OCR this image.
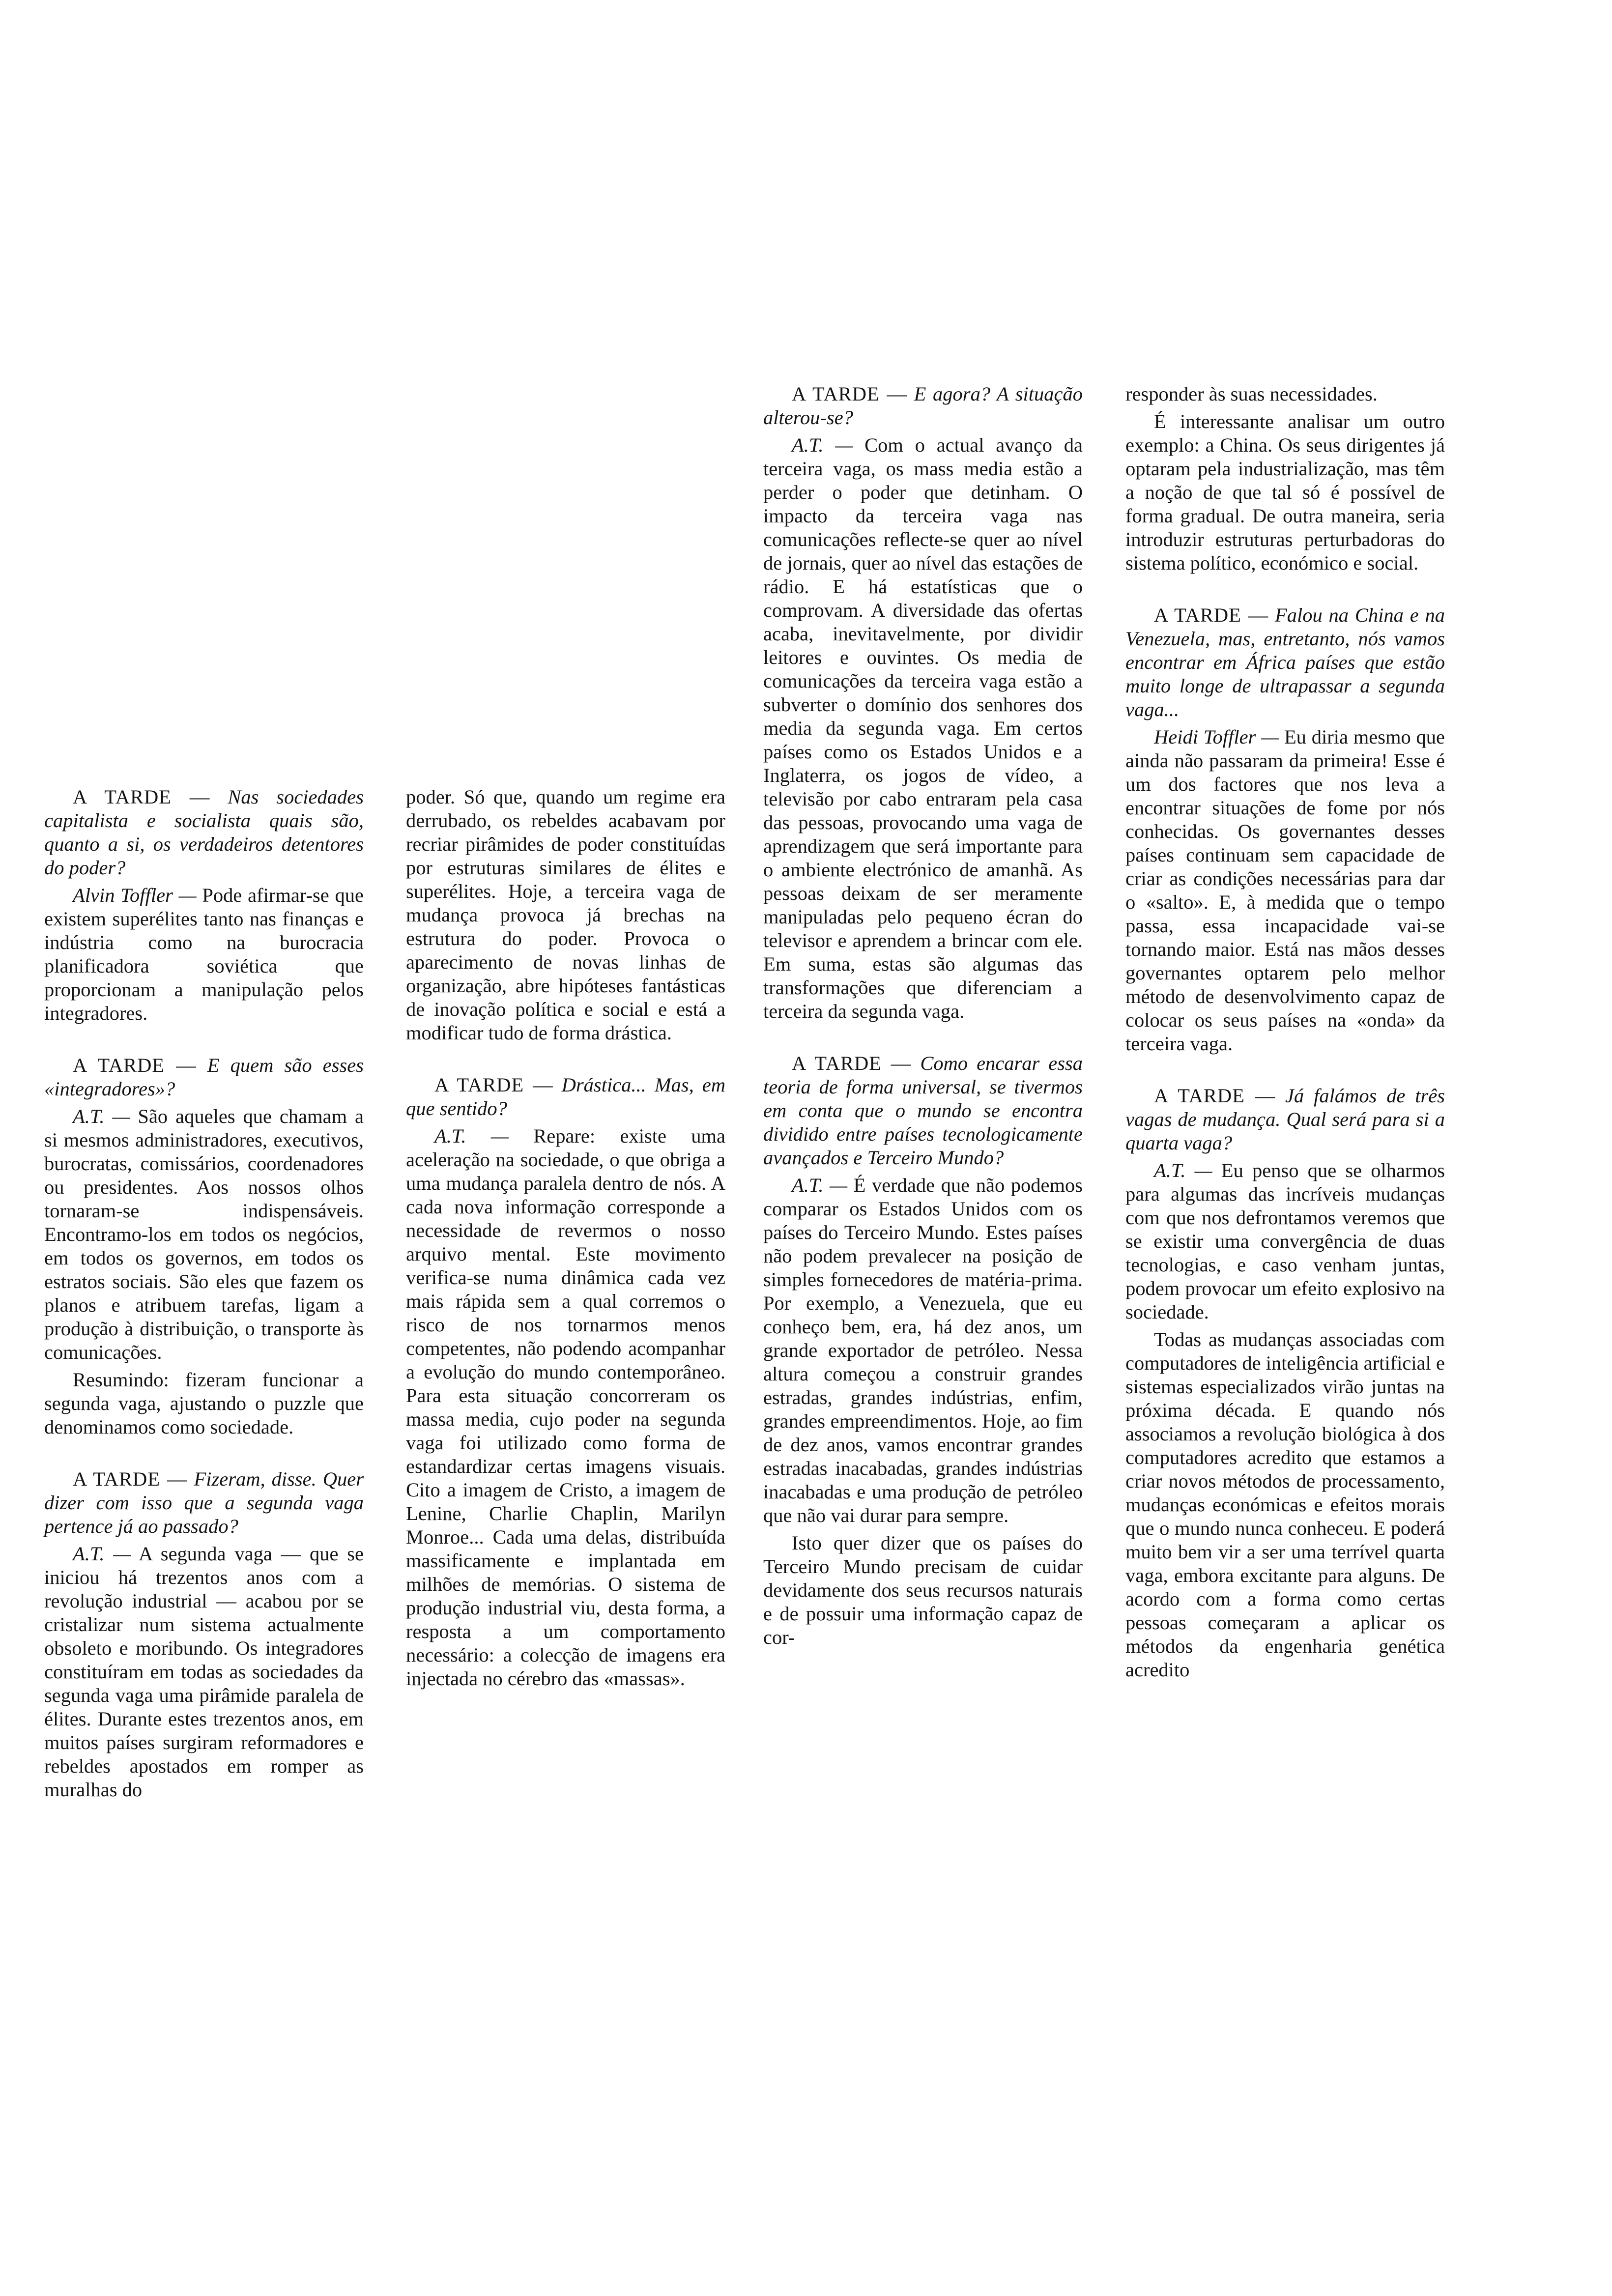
A TARDE — Nas sociedades capitalista e socialista quais são, quanto a si, os verdadeiros detentores do poder?

Alvin Toffler — Pode afirmar-se que existem superélites tanto nas finanças e indústria como na burocracia planificadora soviética que proporcionam a manipulação pelos integradores.

A TARDE — E quem são esses «integradores»?

A.T. — São aqueles que chamam a si mesmos administradores, executivos, burocratas, comissários, coordenadores ou presidentes. Aos nossos olhos tornaram-se indispensáveis. Encontramo-los em todos os negócios, em todos os governos, em todos os estratos sociais. São eles que fazem os planos e atribuem tarefas, ligam a produção à distribuição, o transporte às comunicações.

Resumindo: fizeram funcionar a segunda vaga, ajustando o puzzle que denominamos como sociedade.

A TARDE — Fizeram, disse. Quer dizer com isso que a segunda vaga pertence já ao passado?

A.T. — A segunda vaga — que se iniciou há trezentos anos com a revolução industrial — acabou por se cristalizar num sistema actualmente obsoleto e moribundo. Os integradores constituíram em todas as sociedades da segunda vaga uma pirâmide paralela de élites. Durante estes trezentos anos, em muitos países surgiram reformadores e rebeldes apostados em romper as muralhas do

poder. Só que, quando um regime era derrubado, os rebeldes acabavam por recriar pirâmides de poder constituídas por estruturas similares de élites e superélites. Hoje, a terceira vaga de mudança provoca já brechas na estrutura do poder. Provoca o aparecimento de novas linhas de organização, abre hipóteses fantásticas de inovação política e social e está a modificar tudo de forma drástica.

A TARDE — Drástica... Mas, em que sentido?

A.T. — Repare: existe uma aceleração na sociedade, o que obriga a uma mudança paralela dentro de nós. A cada nova informação corresponde a necessidade de revermos o nosso arquivo mental. Este movimento verifica-se numa dinâmica cada vez mais rápida sem a qual corremos o risco de nos tornarmos menos competentes, não podendo acompanhar a evolução do mundo contemporâneo. Para esta situação concorreram os massa media, cujo poder na segunda vaga foi utilizado como forma de estandardizar certas imagens visuais. Cito a imagem de Cristo, a imagem de Lenine, Charlie Chaplin, Marilyn Monroe... Cada uma delas, distribuída massificamente e implantada em milhões de memórias. O sistema de produção industrial viu, desta forma, a resposta a um comportamento necessário: a colecção de imagens era injectada no cérebro das «massas».

A TARDE — E agora? A situação alterou-se?

A.T. — Com o actual avanço da terceira vaga, os mass media estão a perder o poder que detinham. O impacto da terceira vaga nas comunicações reflecte-se quer ao nível de jornais, quer ao nível das estações de rádio. E há estatísticas que o comprovam. A diversidade das ofertas acaba, inevitavelmente, por dividir leitores e ouvintes. Os media de comunicações da terceira vaga estão a subverter o domínio dos senhores dos media da segunda vaga. Em certos países como os Estados Unidos e a Inglaterra, os jogos de vídeo, a televisão por cabo entraram pela casa das pessoas, provocando uma vaga de aprendizagem que será importante para o ambiente electrónico de amanhã. As pessoas deixam de ser meramente manipuladas pelo pequeno écran do televisor e aprendem a brincar com ele. Em suma, estas são algumas das transformações que diferenciam a terceira da segunda vaga.

A TARDE — Como encarar essa teoria de forma universal, se tivermos em conta que o mundo se encontra dividido entre países tecnologicamente avançados e Terceiro Mundo?

A.T. — É verdade que não podemos comparar os Estados Unidos com os países do Terceiro Mundo. Estes países não podem prevalecer na posição de simples fornecedores de matéria-prima. Por exemplo, a Venezuela, que eu conheço bem, era, há dez anos, um grande exportador de petróleo. Nessa altura começou a construir grandes estradas, grandes indústrias, enfim, grandes empreendimentos. Hoje, ao fim de dez anos, vamos encontrar grandes estradas inacabadas, grandes indústrias inacabadas e uma produção de petróleo que não vai durar para sempre.

Isto quer dizer que os países do Terceiro Mundo precisam de cuidar devidamente dos seus recursos naturais e de possuir uma informação capaz de cor-

responder às suas necessidades.

É interessante analisar um outro exemplo: a China. Os seus dirigentes já optaram pela industrialização, mas têm a noção de que tal só é possível de forma gradual. De outra maneira, seria introduzir estruturas perturbadoras do sistema político, económico e social.

A TARDE — Falou na China e na Venezuela, mas, entretanto, nós vamos encontrar em África países que estão muito longe de ultrapassar a segunda vaga...

Heidi Toffler — Eu diria mesmo que ainda não passaram da primeira! Esse é um dos factores que nos leva a encontrar situações de fome por nós conhecidas. Os governantes desses países continuam sem capacidade de criar as condições necessárias para dar o «salto». E, à medida que o tempo passa, essa incapacidade vai-se tornando maior. Está nas mãos desses governantes optarem pelo melhor método de desenvolvimento capaz de colocar os seus países na «onda» da terceira vaga.

A TARDE — Já falámos de três vagas de mudança. Qual será para si a quarta vaga?

A.T. — Eu penso que se olharmos para algumas das incríveis mudanças com que nos defrontamos veremos que se existir uma convergência de duas tecnologias, e caso venham juntas, podem provocar um efeito explosivo na sociedade.

Todas as mudanças associadas com computadores de inteligência artificial e sistemas especializados virão juntas na próxima década. E quando nós associamos a revolução biológica à dos computadores acredito que estamos a criar novos métodos de processamento, mudanças económicas e efeitos morais que o mundo nunca conheceu. E poderá muito bem vir a ser uma terrível quarta vaga, embora excitante para alguns. De acordo com a forma como certas pessoas começaram a aplicar os métodos da engenharia genética acredito
